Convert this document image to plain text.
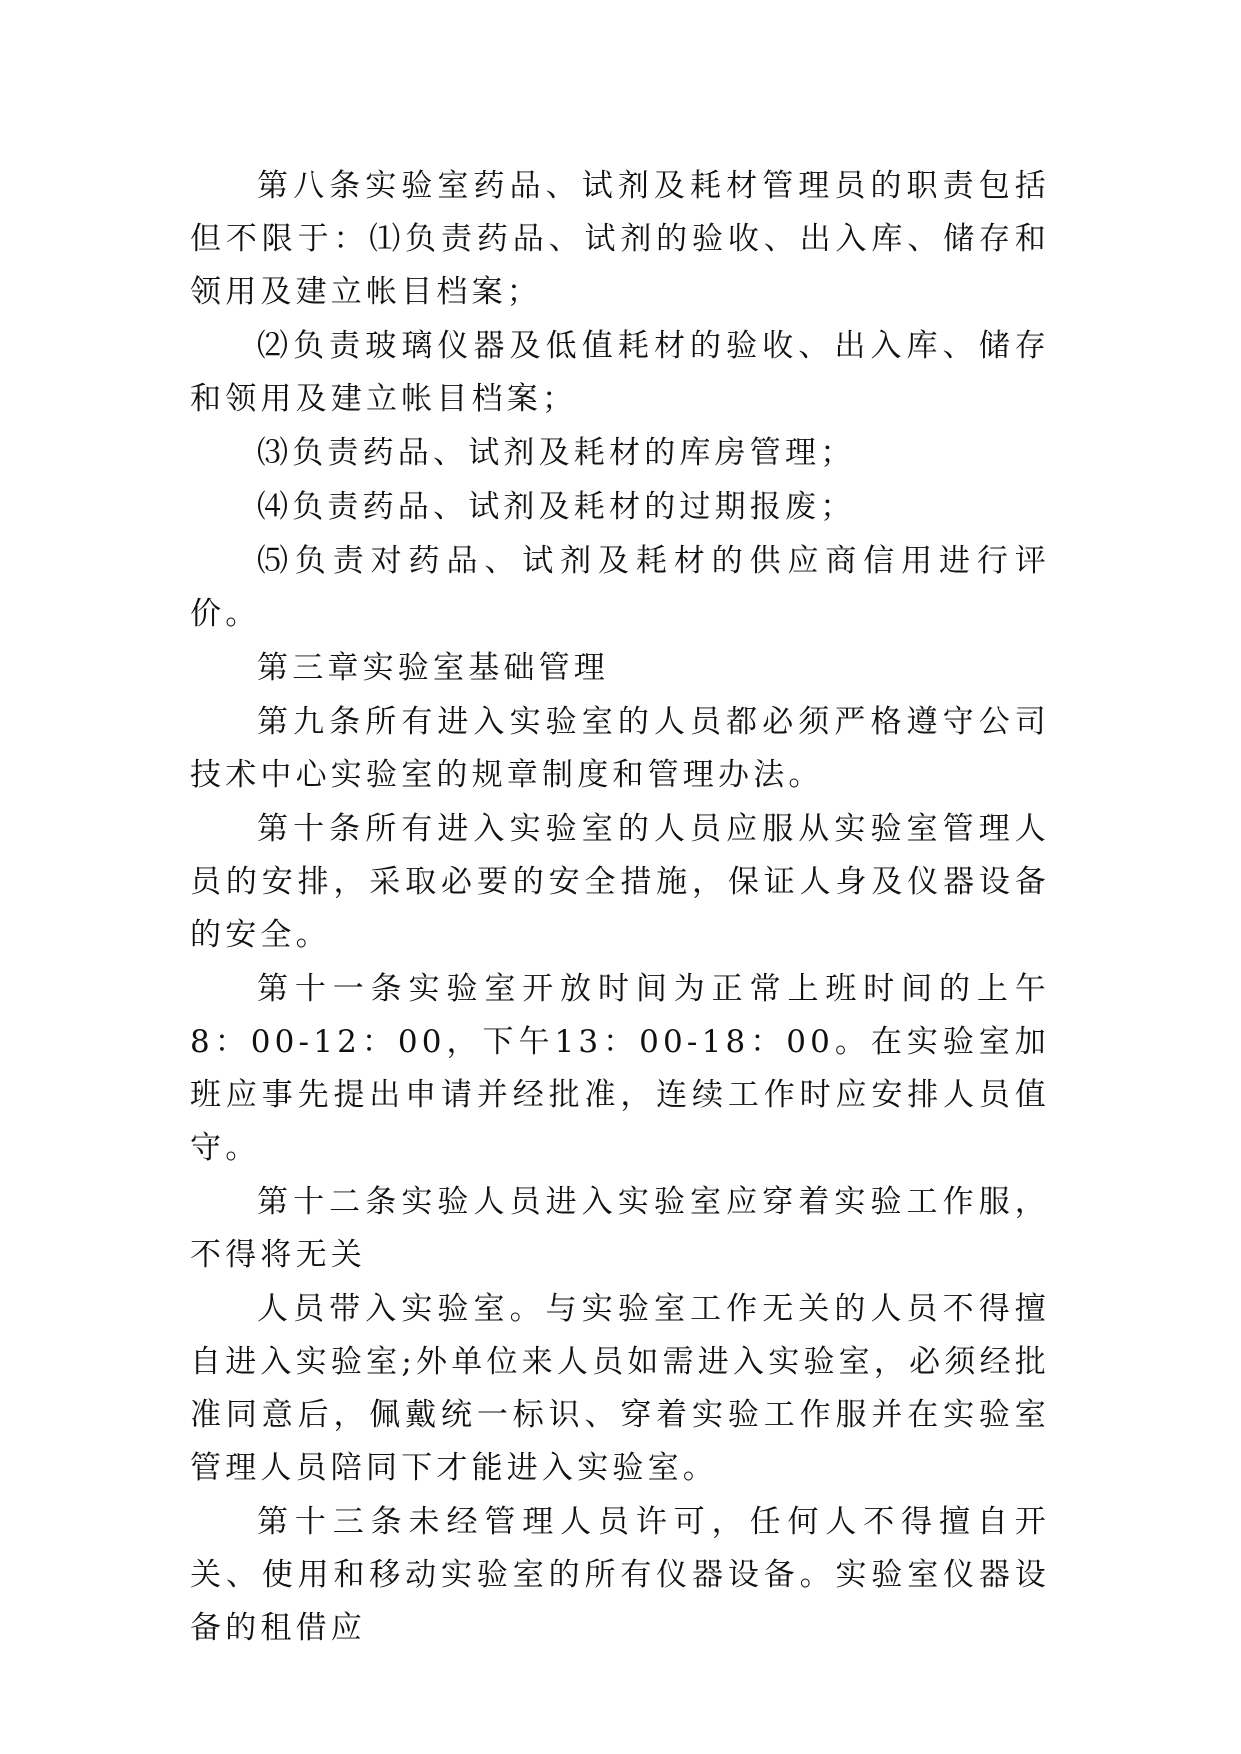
第八条实验室药品、试剂及耗材管理员的职责包括但不限于：⑴负责药品、试剂的验收、出入库、储存和领用及建立帐目档案；

⑵负责玻璃仪器及低值耗材的验收、出入库、储存和领用及建立帐目档案；

⑶负责药品、试剂及耗材的库房管理；

⑷负责药品、试剂及耗材的过期报废；

⑸负责对药品、试剂及耗材的供应商信用进行评价。

第三章实验室基础管理

第九条所有进入实验室的人员都必须严格遵守公司技术中心实验室的规章制度和管理办法。

第十条所有进入实验室的人员应服从实验室管理人员的安排，采取必要的安全措施，保证人身及仪器设备的安全。

第十一条实验室开放时间为正常上班时间的上午8：00-12：00，下午13：00-18：00。在实验室加班应事先提出申请并经批准，连续工作时应安排人员值守。

第十二条实验人员进入实验室应穿着实验工作服，不得将无关

人员带入实验室。与实验室工作无关的人员不得擅自进入实验室;外单位来人员如需进入实验室，必须经批准同意后，佩戴统一标识、穿着实验工作服并在实验室管理人员陪同下才能进入实验室。

第十三条未经管理人员许可，任何人不得擅自开关、使用和移动实验室的所有仪器设备。实验室仪器设备的租借应
